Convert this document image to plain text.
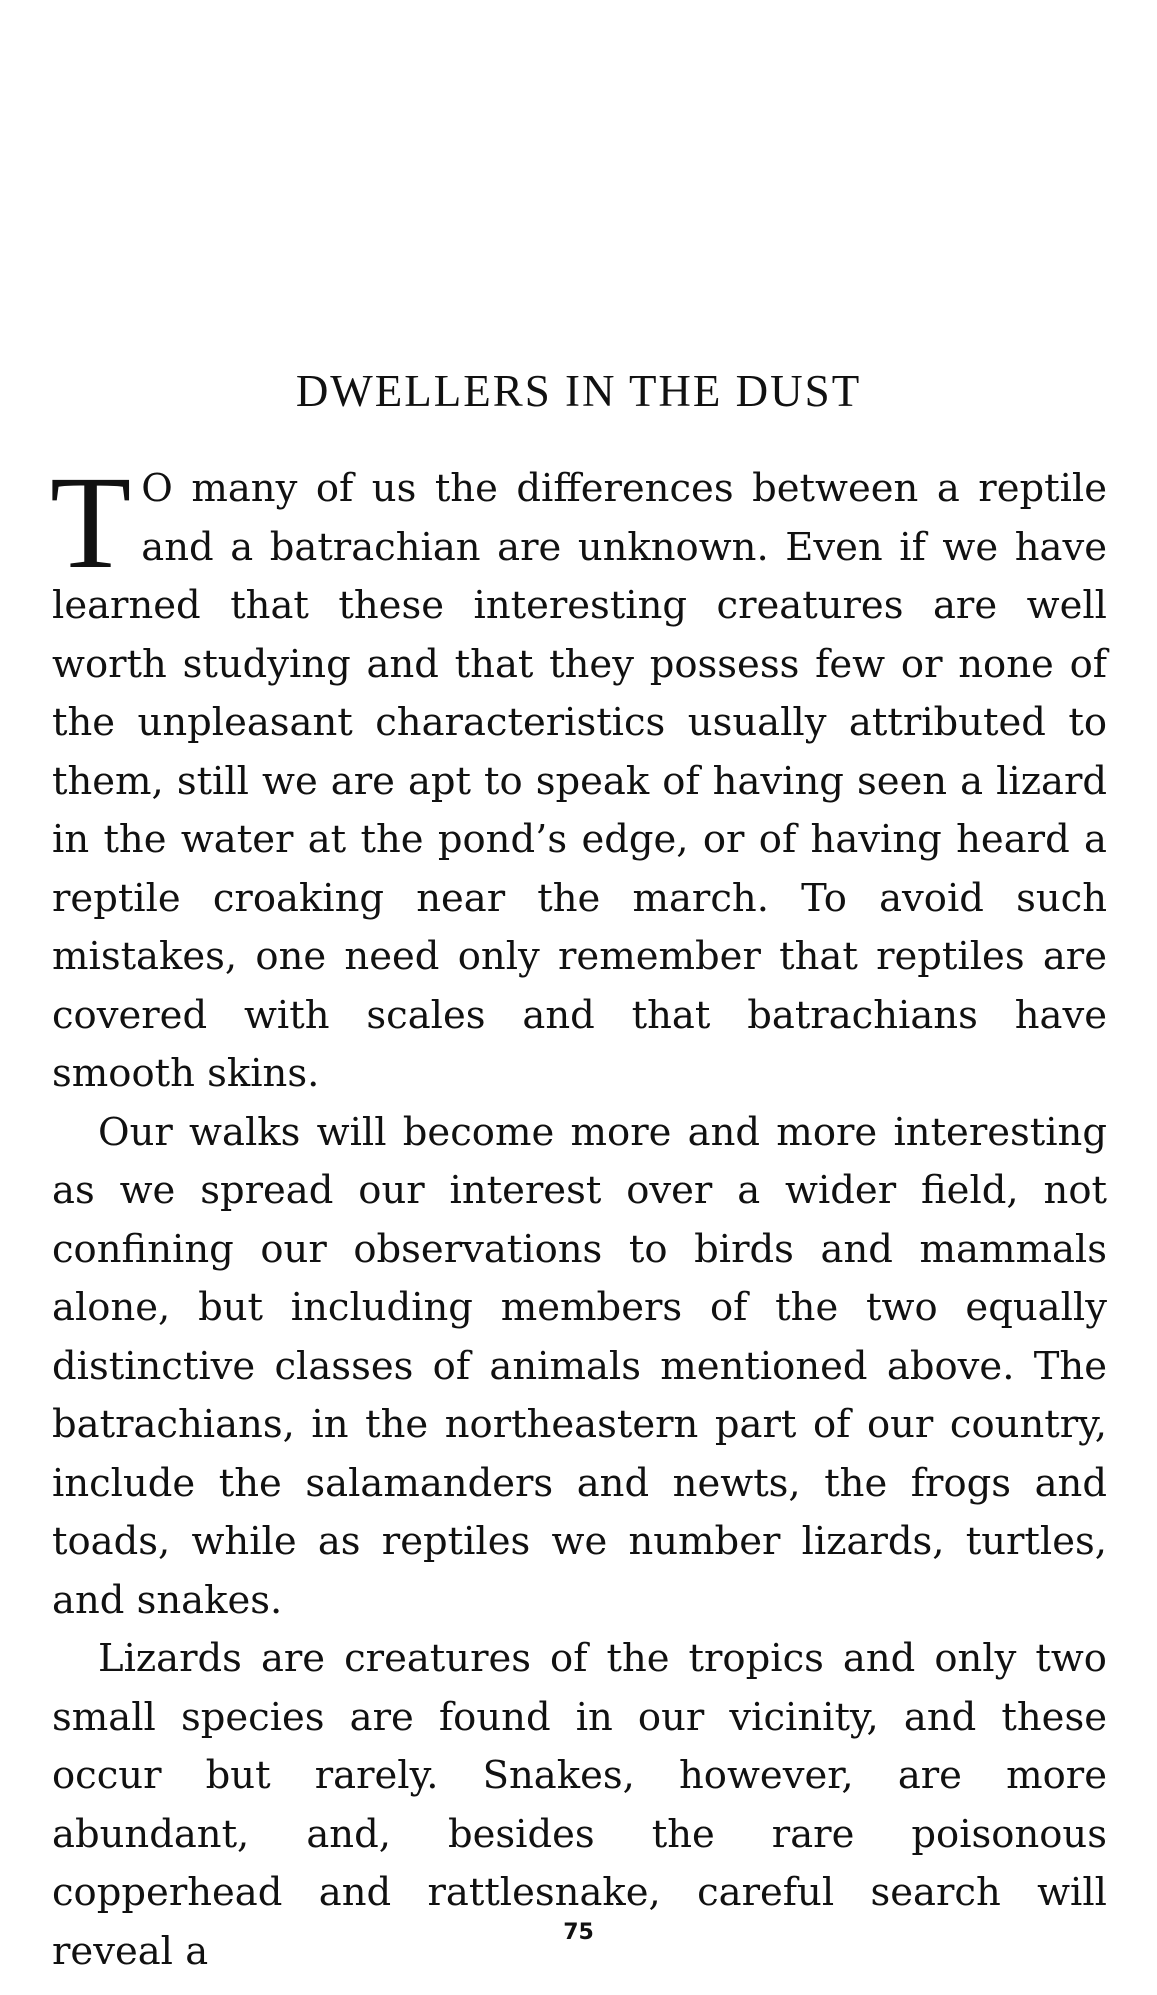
DWELLERS IN THE DUST

T O many of us the differences between a reptile and a batrachian are unknown. Even if we have learned that these interesting creatures are well worth studying and that they possess few or none of the unpleasant characteristics usually attributed to them, still we are apt to speak of having seen a lizard in the water at the pond’s edge, or of having heard a reptile croaking near the march. To avoid such mistakes, one need only remember that reptiles are covered with scales and that batrachians have smooth skins.

Our walks will become more and more interesting as we spread our interest over a wider field, not confining our observations to birds and mammals alone, but including members of the two equally distinctive classes of animals mentioned above. The batrachians, in the northeastern part of our country, include the salamanders and newts, the frogs and toads, while as reptiles we number lizards, turtles, and snakes.

Lizards are creatures of the tropics and only two small species are found in our vicinity, and these occur but rarely. Snakes, however, are more abundant, and, besides the rare poisonous copperhead and rattlesnake, careful search will reveal a	75
